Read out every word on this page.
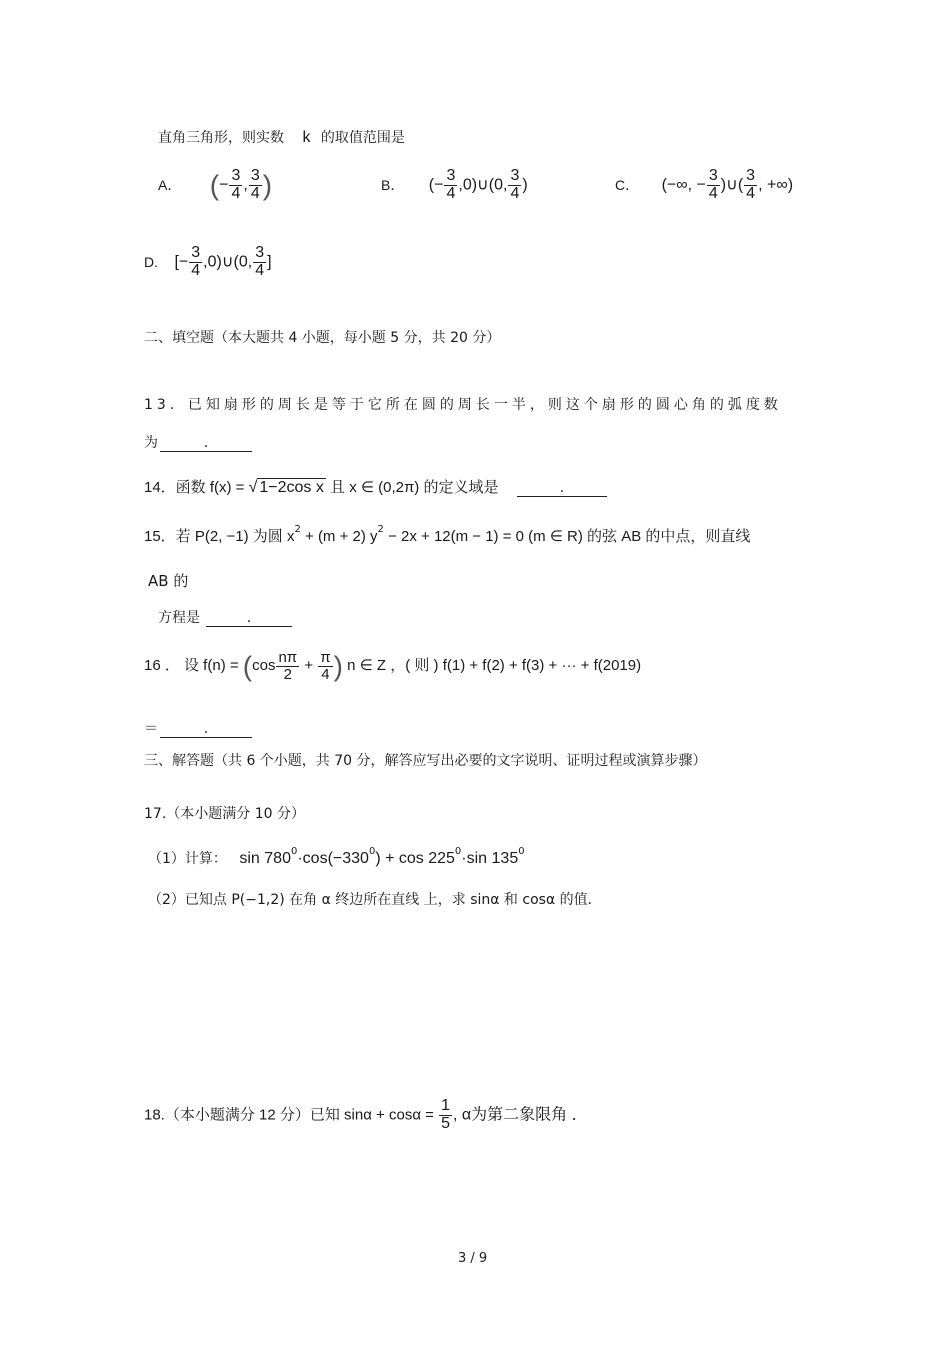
直角三角形，则实数 k 的取值范围是
A． (− $\frac{3}{4}$ , $\frac{3}{4}$ )	B． (− $\frac{3}{4}$ ,0)∪(0, $\frac{3}{4}$ )	C． (−∞, − $\frac{3}{4}$ )∪( $\frac{3}{4}$ , +∞)
D. [− $\frac{3}{4}$ ,0)∪(0, $\frac{3}{4}$ ]
二、填空题（本大题共 4 小题，每小题 5 分，共 20 分）
13．已知扇形的周长是等于它所在圆的周长一半，则这个扇形的圆心角的弧度数
为	.
14．函数 f(x) = √ 1−2cos x 且 x ∈ (0,2π) 的定义域是	.
15．若 P(2, −1) 为圆 $x^2 + (m + 2) y^2 - 2x + 12(m - 1) = 0$ (m ∈ R) 的弦 AB 的中点，则直线
AB 的
方程是	.
16 ． 设 $f(n) = (\cos \frac{n\pi}{2} + \frac{\pi}{4}$ ) n ∈ Z ，( 则 ) f(1) + f(2) + f(3) + ··· + f(2019)
＝	.
三、解答题（共 6 个小题，共 70 分，解答应写出必要的文字说明、证明过程或演算步骤）
17.（本小题满分 10 分）
（1）计算： $\sin 780^0\cdot\cos(-330^0) + \cos 225^0\cdot\sin$ $135^0$
（2）已知点 P(−1,2) 在角 α 终边所在直线 上，求 sinα 和 cosα 的值．
18.（本小题满分 12 分）已知 $\sin\alpha + \cos\alpha = \frac{1}{5}$ , α为第二象限角 ．
3 / 9
